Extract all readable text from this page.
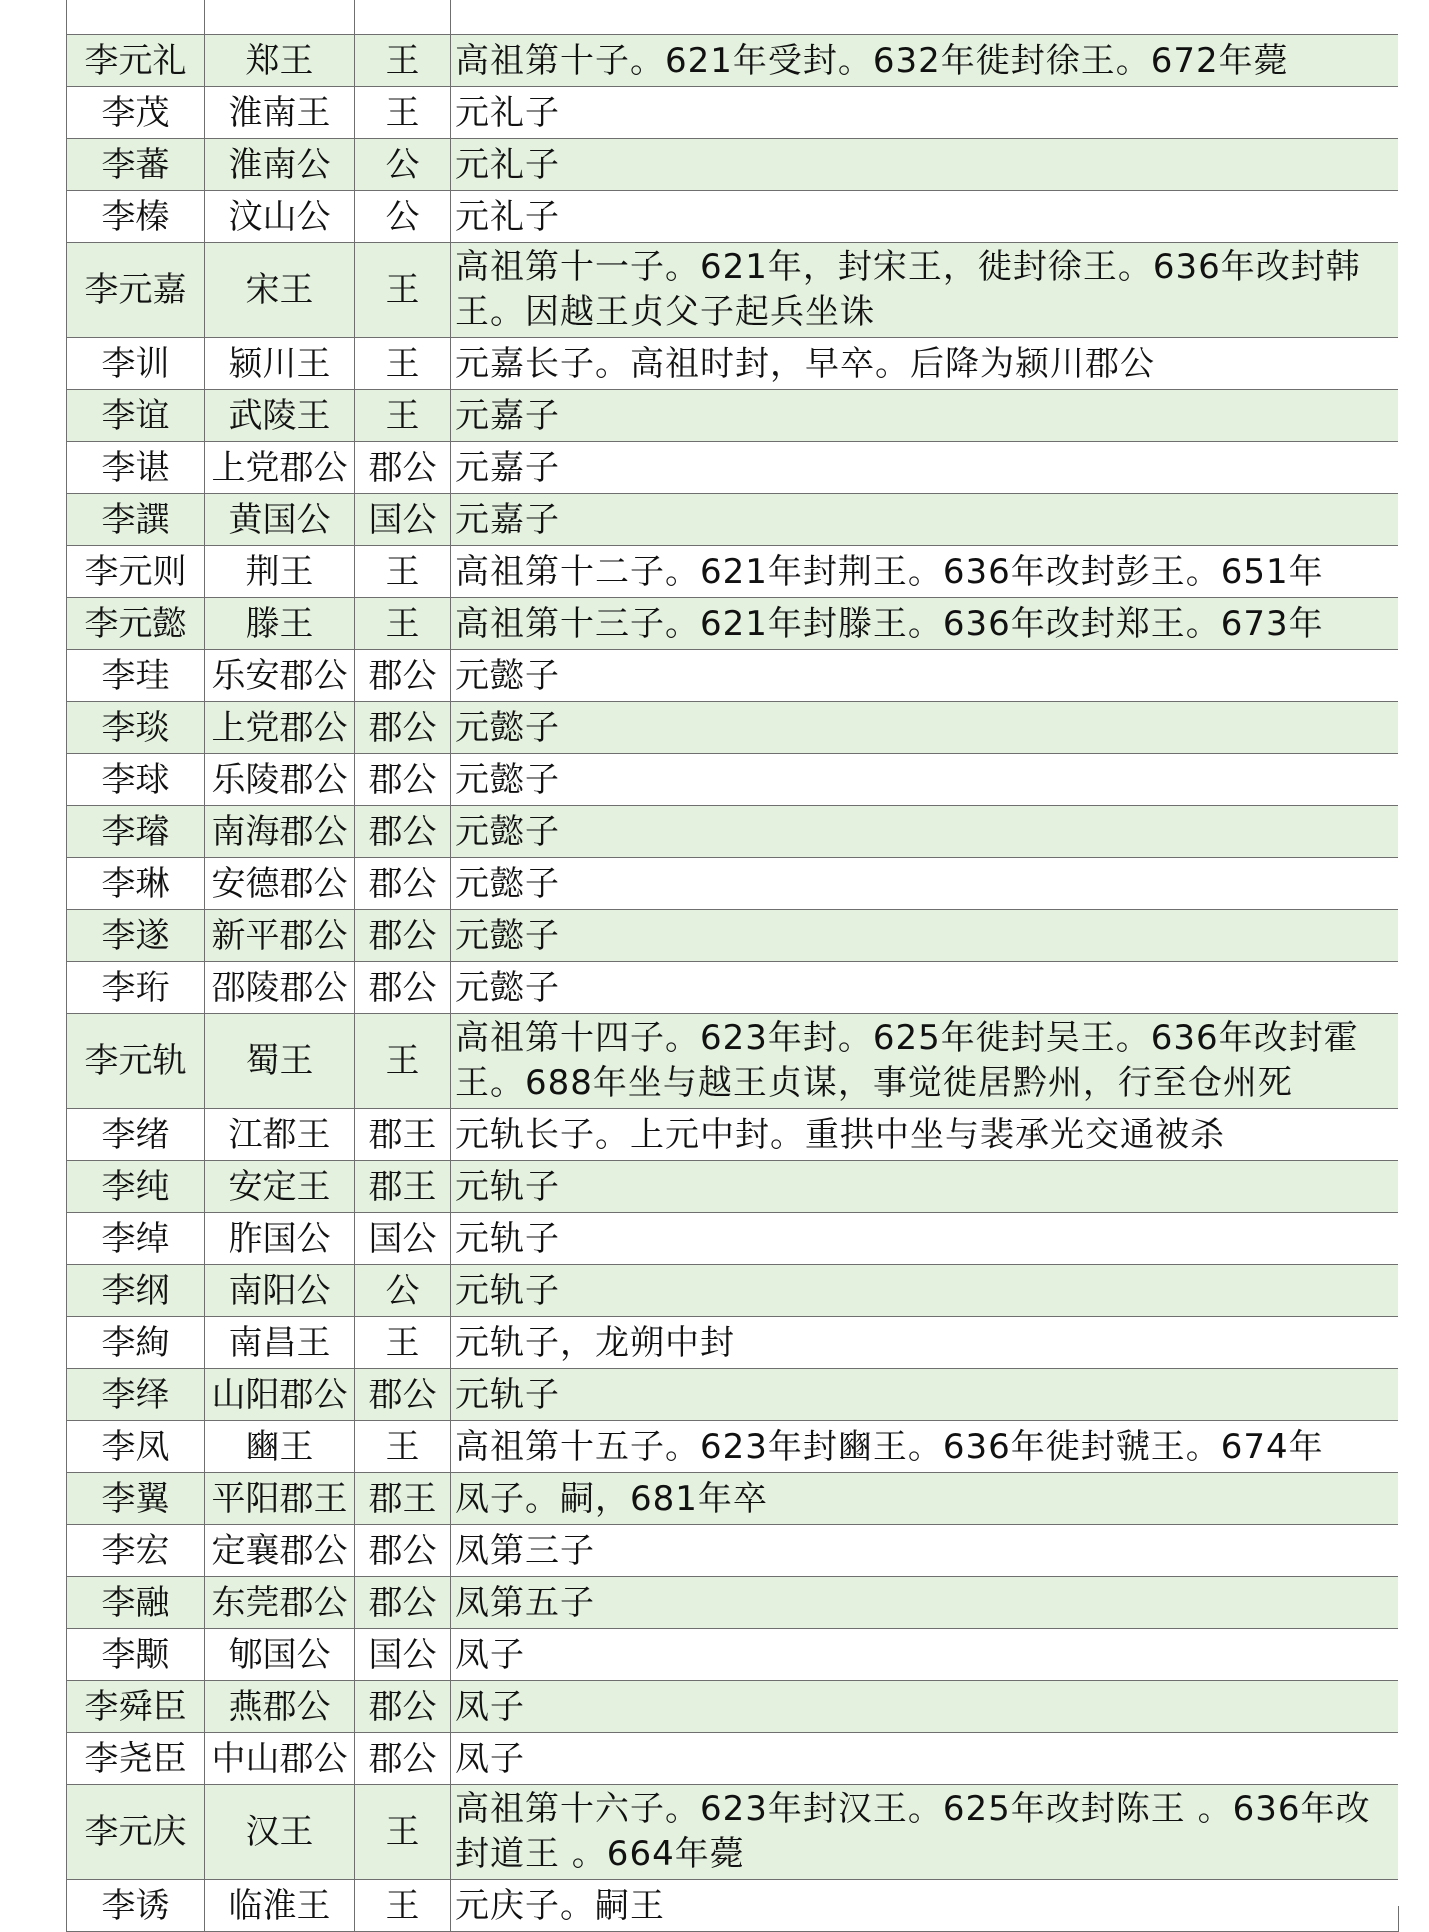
李元礼	郑王	王	高祖第十子。621年受封。632年徙封徐王。672年薨
李茂	淮南王	王	元礼子
李蕃	淮南公	公	元礼子
李榛	汶山公	公	元礼子
李元嘉	宋王	王	高祖第十一子。621年，封宋王，徙封徐王。636年改封韩王。因越王贞父子起兵坐诛
李训	颍川王	王	元嘉长子。高祖时封，早卒。后降为颍川郡公
李谊	武陵王	王	元嘉子
李谌	上党郡公	郡公	元嘉子
李譔	黄国公	国公	元嘉子
李元则	荆王	王	高祖第十二子。621年封荆王。636年改封彭王。651年
李元懿	滕王	王	高祖第十三子。621年封滕王。636年改封郑王。673年
李珪	乐安郡公	郡公	元懿子
李琰	上党郡公	郡公	元懿子
李球	乐陵郡公	郡公	元懿子
李璿	南海郡公	郡公	元懿子
李琳	安德郡公	郡公	元懿子
李遂	新平郡公	郡公	元懿子
李珩	邵陵郡公	郡公	元懿子
李元轨	蜀王	王	高祖第十四子。623年封。625年徙封吴王。636年改封霍王。688年坐与越王贞谋，事觉徙居黔州，行至仓州死
李绪	江都王	郡王	元轨长子。上元中封。重拱中坐与裴承光交通被杀
李纯	安定王	郡王	元轨子
李绰	胙国公	国公	元轨子
李纲	南阳公	公	元轨子
李絢	南昌王	王	元轨子，龙朔中封
李绎	山阳郡公	郡公	元轨子
李凤	豳王	王	高祖第十五子。623年封豳王。636年徙封虢王。674年
李翼	平阳郡王	郡王	凤子。嗣，681年卒
李宏	定襄郡公	郡公	凤第三子
李融	东莞郡公	郡公	凤第五子
李颙	郇国公	国公	凤子
李舜臣	燕郡公	郡公	凤子
李尧臣	中山郡公	郡公	凤子
李元庆	汉王	王	高祖第十六子。623年封汉王。625年改封陈王 。636年改封道王 。664年薨
李诱	临淮王	王	元庆子。嗣王
